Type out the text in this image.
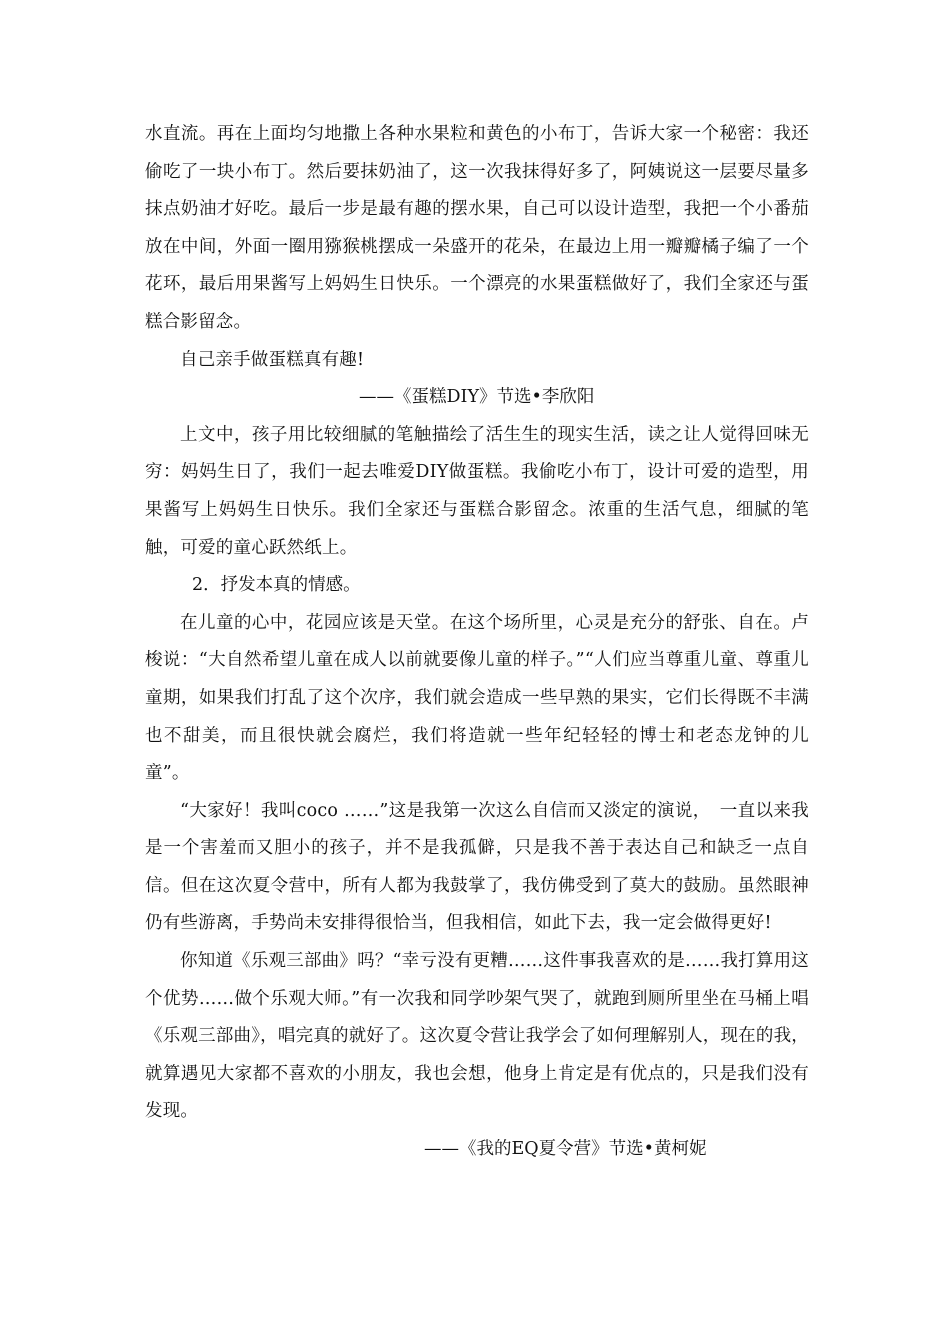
水直流。再在上面均匀地撒上各种水果粒和黄色的小布丁，告诉大家一个秘密：我还偷吃了一块小布丁。然后要抹奶油了，这一次我抹得好多了，阿姨说这一层要尽量多抹点奶油才好吃。最后一步是最有趣的摆水果，自己可以设计造型，我把一个小番茄放在中间，外面一圈用猕猴桃摆成一朵盛开的花朵，在最边上用一瓣瓣橘子编了一个花环，最后用果酱写上妈妈生日快乐。一个漂亮的水果蛋糕做好了，我们全家还与蛋糕合影留念。

自己亲手做蛋糕真有趣!

——《蛋糕DIY》节选•李欣阳

上文中，孩子用比较细腻的笔触描绘了活生生的现实生活，读之让人觉得回味无穷：妈妈生日了，我们一起去唯爱DIY做蛋糕。我偷吃小布丁，设计可爱的造型，用果酱写上妈妈生日快乐。我们全家还与蛋糕合影留念。浓重的生活气息，细腻的笔触，可爱的童心跃然纸上。

2．抒发本真的情感。

在儿童的心中，花园应该是天堂。在这个场所里，心灵是充分的舒张、自在。卢梭说：“大自然希望儿童在成人以前就要像儿童的样子。”“人们应当尊重儿童、尊重儿童期，如果我们打乱了这个次序，我们就会造成一些早熟的果实，它们长得既不丰满也不甜美，而且很快就会腐烂，我们将造就一些年纪轻轻的博士和老态龙钟的儿童”。

“大家好！我叫coco ……”这是我第一次这么自信而又淡定的演说，　一直以来我是一个害羞而又胆小的孩子，并不是我孤僻，只是我不善于表达自己和缺乏一点自信。但在这次夏令营中，所有人都为我鼓掌了，我仿佛受到了莫大的鼓励。虽然眼神仍有些游离，手势尚未安排得很恰当，但我相信，如此下去，我一定会做得更好!

你知道《乐观三部曲》吗？“幸亏没有更糟……这件事我喜欢的是……我打算用这个优势……做个乐观大师。”有一次我和同学吵架气哭了，就跑到厕所里坐在马桶上唱《乐观三部曲》，唱完真的就好了。这次夏令营让我学会了如何理解别人，现在的我，就算遇见大家都不喜欢的小朋友，我也会想，他身上肯定是有优点的，只是我们没有发现。

——《我的EQ夏令营》节选•黄柯妮
